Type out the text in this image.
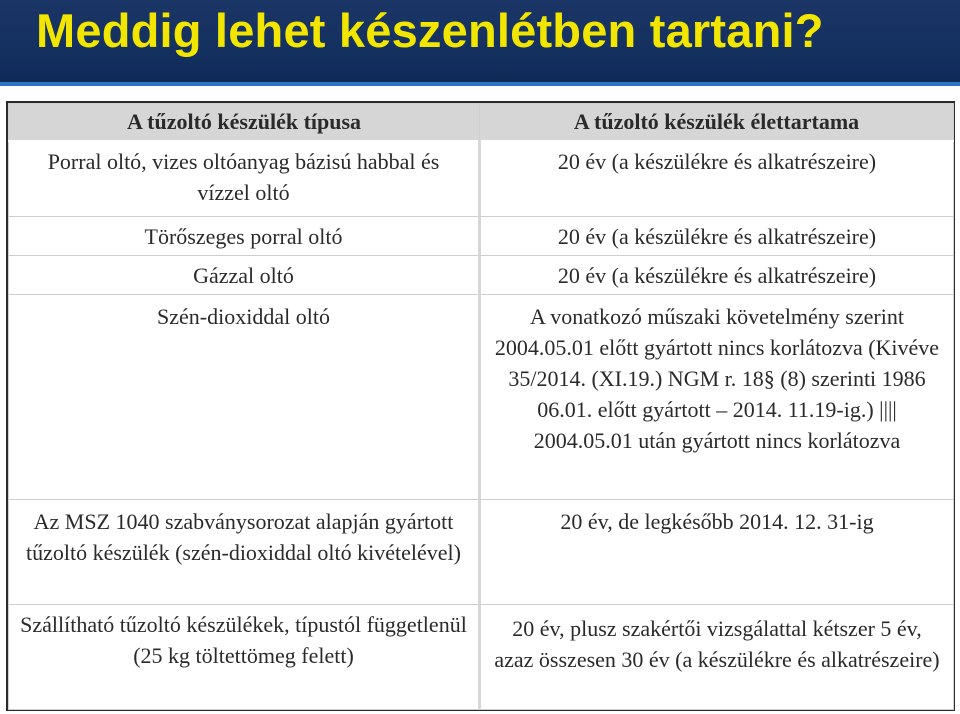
Meddig lehet készenlétben tartani?
A tűzoltó készülék típusa	A tűzoltó készülék élettartama

Porral oltó, vizes oltóanyag bázisú habbal és vízzel oltó	20 év (a készülékre és alkatrészeire)

Törőszeges porral oltó	20 év (a készülékre és alkatrészeire)

Gázzal oltó	20 év (a készülékre és alkatrészeire)

Szén-dioxiddal oltó	A vonatkozó műszaki követelmény szerint 2004.05.01 előtt gyártott nincs korlátozva (Kivéve 35/2014. (XI.19.) NGM r. 18§ (8) szerinti 1986 06.01. előtt gyártott – 2014. 11.19-ig.) |||| 2004.05.01 után gyártott nincs korlátozva

Az MSZ 1040 szabványsorozat alapján gyártott tűzoltó készülék (szén-dioxiddal oltó kivételével)	20 év, de legkésőbb 2014. 12. 31-ig

Szállítható tűzoltó készülékek, típustól függetlenül (25 kg töltettömeg felett)	20 év, plusz szakértői vizsgálattal kétszer 5 év, azaz összesen 30 év (a készülékre és alkatrészeire)
